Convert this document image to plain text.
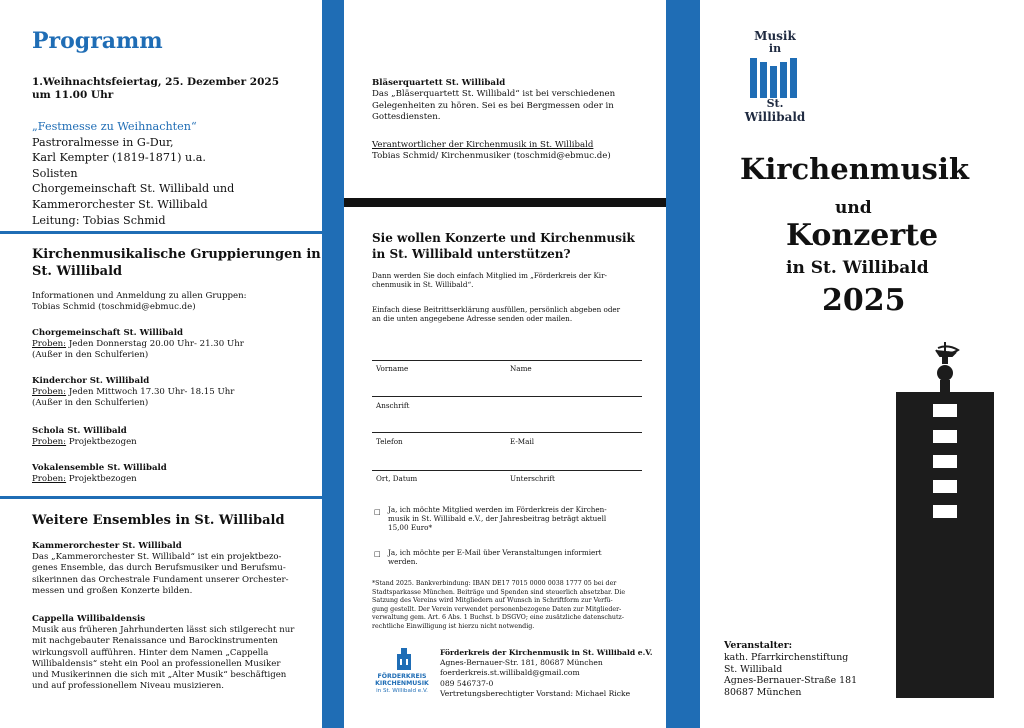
Programm
1.Weihnachtsfeiertag, 25. Dezember 2025
um 11.00 Uhr
„Festmesse zu Weihnachten“
Pastroralmesse in G-Dur,
Karl Kempter (1819-1871) u.a.
Solisten
Chorgemeinschaft St. Willibald und
Kammerorchester St. Willibald
Leitung: Tobias Schmid
Kirchenmusikalische Gruppierungen in
St. Willibald
Informationen und Anmeldung zu allen Gruppen:
Tobias Schmid (toschmid@ebmuc.de)
Chorgemeinschaft St. Willibald
Proben: Jeden Donnerstag 20.00 Uhr- 21.30 Uhr
(Außer in den Schulferien)
Kinderchor St. Willibald
Proben: Jeden Mittwoch 17.30 Uhr- 18.15 Uhr
(Außer in den Schulferien)
Schola St. Willibald
Proben: Projektbezogen
Vokalensemble St. Willibald
Proben: Projektbezogen
Weitere Ensembles in St. Willibald
Kammerorchester St. Willibald
Das „Kammerorchester St. Willibald“ ist ein projektbezo-
genes Ensemble, das durch Berufsmusiker und Berufsmu-
sikerinnen das Orchestrale Fundament unserer Orchester-
messen und großen Konzerte bilden.
Cappella Willibaldensis
Musik aus früheren Jahrhunderten lässt sich stilgerecht nur
mit nachgebauter Renaissance und Barockinstrumenten
wirkungsvoll aufführen. Hinter dem Namen „Cappella
Willibaldensis“ steht ein Pool an professionellen Musiker
und Musikerinnen die sich mit „Alter Musik“ beschäftigen
und auf professionellem Niveau musizieren.
Bläserquartett St. Willibald
Das „Bläserquartett St. Willibald“ ist bei verschiedenen
Gelegenheiten zu hören. Sei es bei Bergmessen oder in
Gottesdiensten.
Verantwortlicher der Kirchenmusik in St. Willibald
Tobias Schmid/ Kirchenmusiker (toschmid@ebmuc.de)
Sie wollen Konzerte und Kirchenmusik
in St. Willibald unterstützen?
Dann werden Sie doch einfach Mitglied im „Förderkreis der Kir-
chenmusik in St. Willibald“.
Einfach diese Beitrittserklärung ausfüllen, persönlich abgeben oder
an die unten angegebene Adresse senden oder mailen.
Vorname	Name
Anschrift
Telefon	E-Mail
Ort, Datum	Unterschrift
□ Ja, ich möchte Mitglied werden im Förderkreis der Kirchen-
musik in St. Willibald e.V., der Jahresbeitrag beträgt aktuell
15,00 Euro*
□ Ja, ich möchte per E-Mail über Veranstaltungen informiert
werden.
*Stand 2025. Bankverbindung: IBAN DE17 7015 0000 0038 1777 05 bei der
Stadtsparkasse München. Beiträge und Spenden sind steuerlich absetzbar. Die
Satzung des Vereins wird Mitgliedern auf Wunsch in Schriftform zur Verfü-
gung gestellt. Der Verein verwendet personenbezogene Daten zur Mitglieder-
verwaltung gem. Art. 6 Abs. 1 Buchst. b DSGVO; eine zusätzliche datenschutz-
rechtliche Einwilligung ist hierzu nicht notwendig.
FÖRDERKREIS
KIRCHENMUSIK
in St. Willibald e.V.
Förderkreis der Kirchenmusik in St. Willibald e.V.
Agnes-Bernauer-Str. 181, 80687 München
foerderkreis.st.willibald@gmail.com
089 546737-0
Vertretungsberechtigter Vorstand: Michael Ricke
Musik
in
St.
Willibald
Kirchenmusik
und
Konzerte
in St. Willibald
2025
Veranstalter:
kath. Pfarrkirchenstiftung
St. Willibald
Agnes-Bernauer-Straße 181
80687 München
